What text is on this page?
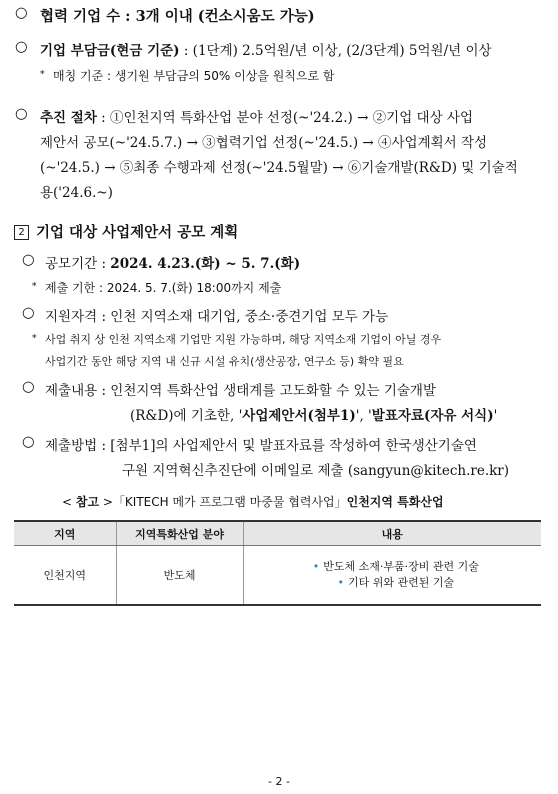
○ 협력 기업 수 : 3개 이내 (컨소시움도 가능)
○ 기업 부담금(현금 기준) : (1단계) 2.5억원/년 이상, (2/3단계) 5억원/년 이상
* 매칭 기준 : 생기원 부담금의 50% 이상을 원칙으로 함
○ 추진 절차 : ①인천지역 특화산업 분야 선정(~'24.2.) → ②기업 대상 사업
제안서 공모(~'24.5.7.) → ③협력기업 선정(~'24.5.) → ④사업계획서 작성
(~'24.5.) → ⑤최종 수행과제 선정(~'24.5월말) → ⑥기술개발(R&D) 및 기술적
용('24.6.~)
2 기업 대상 사업제안서 공모 계획
○ 공모기간 : 2024. 4.23.(화) ~ 5. 7.(화)
* 제출 기한 : 2024. 5. 7.(화) 18:00까지 제출
○ 지원자격 : 인천 지역소재 대기업, 중소·중견기업 모두 가능
* 사업 취지 상 인천 지역소재 기업만 지원 가능하며, 해당 지역소재 기업이 아닐 경우
사업기간 동안 해당 지역 내 신규 시설 유치(생산공장, 연구소 등) 확약 필요
○ 제출내용 : 인천지역 특화산업 생태계를 고도화할 수 있는 기술개발
(R&D)에 기초한, '사업제안서(첨부1)', '발표자료(자유 서식)'
○ 제출방법 : [첨부1]의 사업제안서 및 발표자료를 작성하여 한국생산기술연
구원 지역혁신추진단에 이메일로 제출 (sangyun@kitech.re.kr)
< 참고 >「KITECH 메가 프로그램 마중물 협력사업」인천지역 특화산업
지역	지역특화산업 분야	내용
인천지역	반도체	• 반도체 소재·부품·장비 관련 기술
• 기타 위와 관련된 기술
- 2 -
